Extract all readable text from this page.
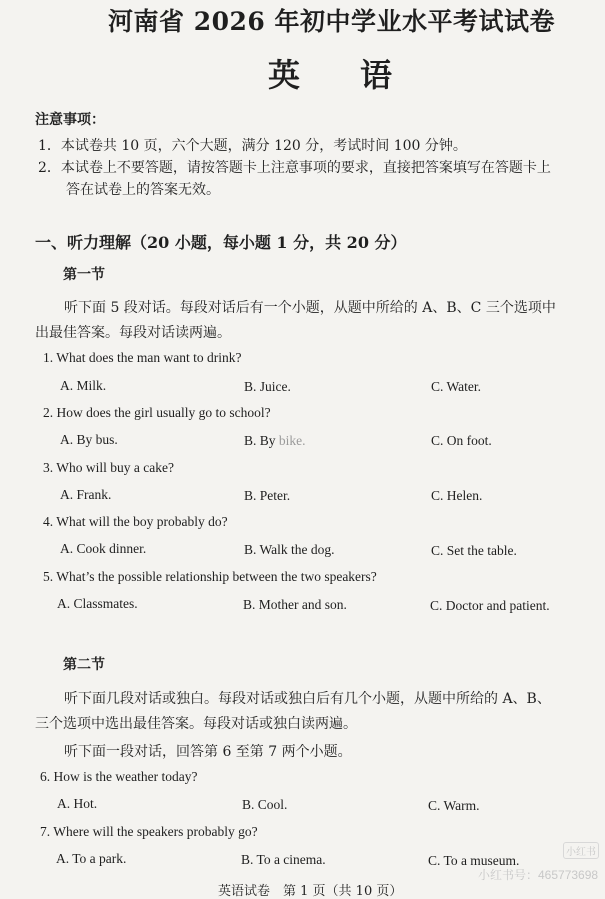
河南省 2026 年初中学业水平考试试卷
英语
注意事项：
1．本试卷共 10 页，六个大题，满分 120 分，考试时间 100 分钟。
2．本试卷上不要答题，请按答题卡上注意事项的要求，直接把答案填写在答题卡上
答在试卷上的答案无效。
一、听力理解（20 小题，每小题 1 分，共 20 分）
第一节
听下面 5 段对话。每段对话后有一个小题，从题中所给的 A、B、C 三个选项中
出最佳答案。每段对话读两遍。
1. What does the man want to drink?
A. Milk.	B. Juice.	C. Water.
2. How does the girl usually go to school?
A. By bus.	B. By bike.	C. On foot.
3. Who will buy a cake?
A. Frank.	B. Peter.	C. Helen.
4. What will the boy probably do?
A. Cook dinner.	B. Walk the dog.	C. Set the table.
5. What’s the possible relationship between the two speakers?
A. Classmates.	B. Mother and son.	C. Doctor and patient.
第二节
听下面几段对话或独白。每段对话或独白后有几个小题，从题中所给的 A、B、
三个选项中选出最佳答案。每段对话或独白读两遍。
听下面一段对话，回答第 6 至第 7 两个小题。
6. How is the weather today?
A. Hot.	B. Cool.	C. Warm.
7. Where will the speakers probably go?
A. To a park.	B. To a cinema.	C. To a museum.
小红书
小红书号：465773698
英语试卷　第 1 页（共 10 页）
